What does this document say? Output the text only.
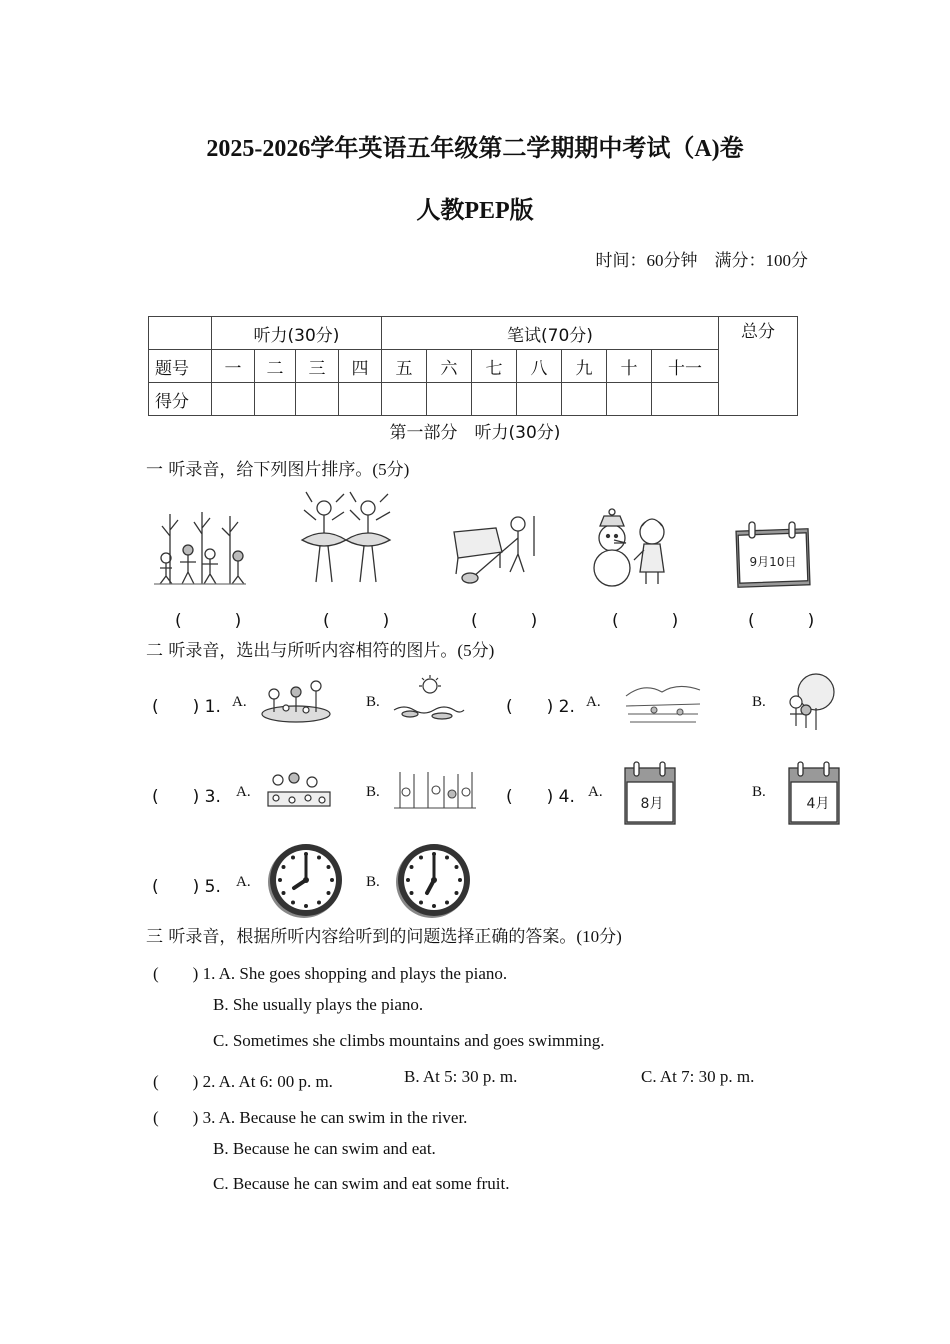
2025-2026学年英语五年级第二学期期中考试（A)卷
人教PEP版
时间：60分钟　满分：100分
	听力(30分)				笔试(70分)							总分
题号	一	二	三	四	五	六	七	八	九	十	十一	
得分												
第一部分　听力(30分)
一 听录音，给下列图片排序。(5分)
9月10日
(　)	(　)	(　)	(　)	(　)
二 听录音，选出与所听内容相符的图片。(5分)
(　　) 1. A.	B.	(　　) 2. A.	B.
(　　) 3. A.	B.	(　　) 4. A.
8月
B.
4月
(　　) 5. A.	B.
三 听录音，根据所听内容给听到的问题选择正确的答案。(10分)
(　　) 1. A. She goes shopping and plays the piano.
B. She usually plays the piano.
C. Sometimes she climbs mountains and goes swimming.
(　　) 2. A. At 6: 00 p. m.	B. At 5: 30 p. m.	C. At 7: 30 p. m.
(　　) 3. A. Because he can swim in the river.
B. Because he can swim and eat.
C. Because he can swim and eat some fruit.
